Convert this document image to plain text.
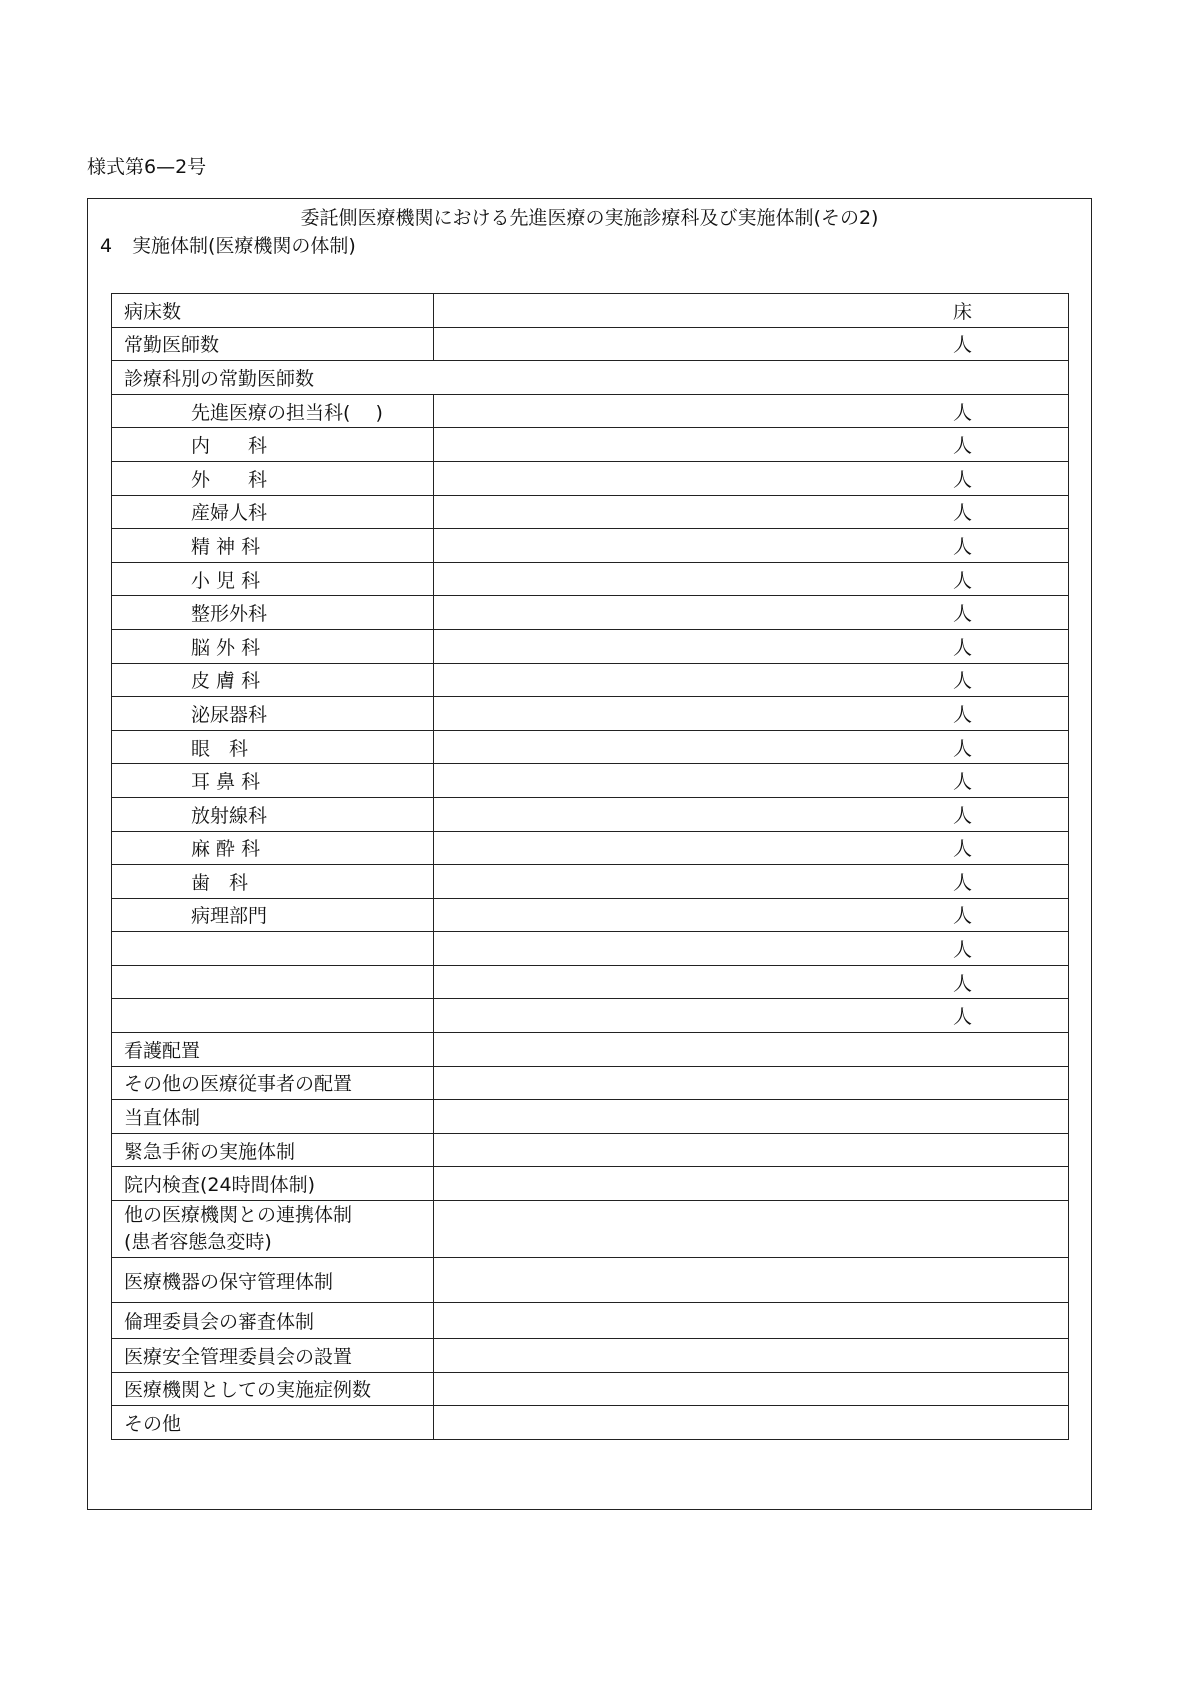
様式第6—2号
委託側医療機関における先進医療の実施診療科及び実施体制(その2)
4 実施体制(医療機関の体制)
病床数	床
常勤医師数	人
診療科別の常勤医師数	
先進医療の担当科(　 )	人
内　　科	人
外　　科	人
産婦人科	人
精 神 科	人
小 児 科	人
整形外科	人
脳 外 科	人
皮 膚 科	人
泌尿器科	人
眼　科	人
耳 鼻 科	人
放射線科	人
麻 酔 科	人
歯　科	人
病理部門	人
	人
	人
	人
看護配置	
その他の医療従事者の配置	
当直体制	
緊急手術の実施体制	
院内検査(24時間体制)	
他の医療機関との連携体制
(患者容態急変時)	
医療機器の保守管理体制	
倫理委員会の審査体制	
医療安全管理委員会の設置	
医療機関としての実施症例数	
その他	
